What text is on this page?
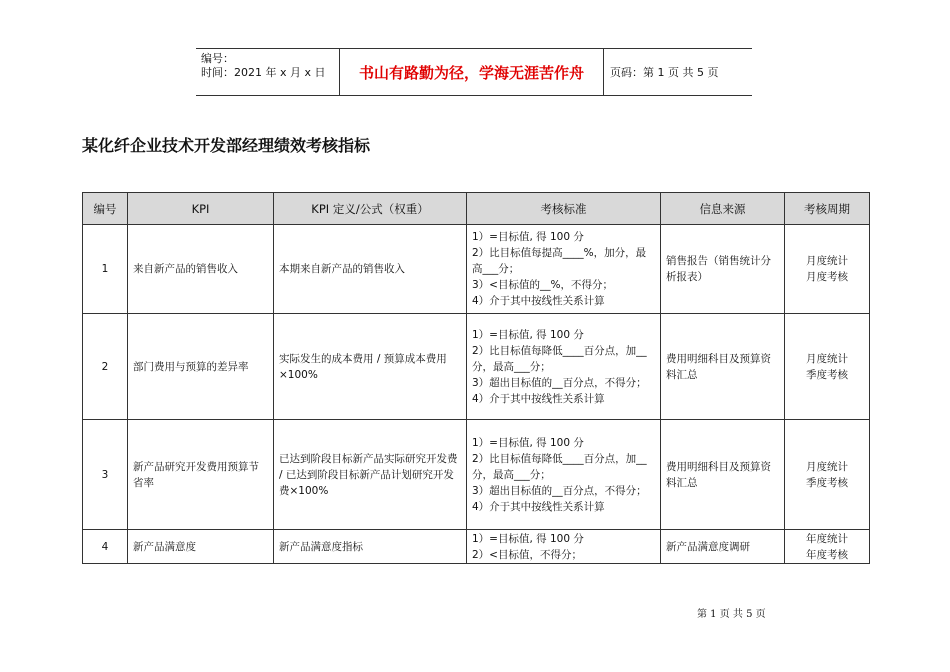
编号：
时间：2021 年 x 月 x 日	书山有路勤为径，学海无涯苦作舟	页码：第 1 页 共 5 页
某化纤企业技术开发部经理绩效考核指标
编号	KPI	KPI 定义/公式（权重）	考核标准	信息来源	考核周期
1	来自新产品的销售收入	本期来自新产品的销售收入	1）=目标值, 得 100 分
2）比目标值每提高____%，加分，最高___分；
3）<目标值的__%，不得分；
4）介于其中按线性关系计算	销售报告（销售统计分析报表）	月度统计
月度考核

2	部门费用与预算的差异率	实际发生的成本费用 / 预算成本费用×100%	1）=目标值, 得 100 分
2）比目标值每降低____百分点，加__分，最高___分；
3）超出目标值的__百分点，不得分；
4）介于其中按线性关系计算	费用明细科目及预算资料汇总	月度统计
季度考核

3	新产品研究开发费用预算节省率	已达到阶段目标新产品实际研究开发费 / 已达到阶段目标新产品计划研究开发费×100%	1）=目标值, 得 100 分
2）比目标值每降低____百分点，加__分，最高___分；
3）超出目标值的__百分点，不得分；
4）介于其中按线性关系计算	费用明细科目及预算资料汇总	月度统计
季度考核

4	新产品满意度	新产品满意度指标	1）=目标值, 得 100 分
2）<目标值，不得分；	新产品满意度调研	年度统计
年度考核
第 1 页 共 5 页
